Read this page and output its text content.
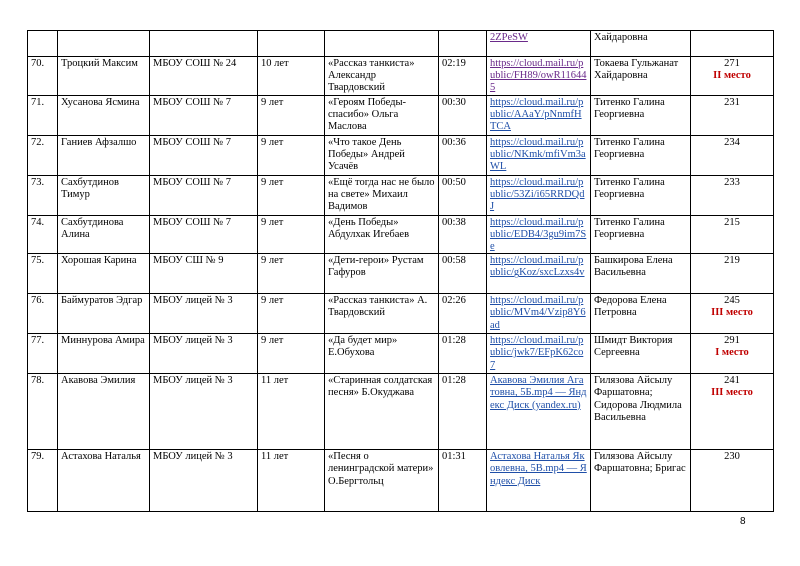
						2ZPeSW	Хайдаровна	
70.	Троцкий Максим	МБОУ СОШ № 24	10 лет	«Рассказ танкиста» Александр Твардовский	02:19	https://cloud.mail.ru/public/FH89/owR116445	Токаева Гульжанат Хайдаровна	271
II место

71.	Хусанова Ясмина	МБОУ СОШ № 7	9 лет	«Героям Победы-спасибо» Ольга Маслова	00:30	https://cloud.mail.ru/public/AAaY/pNnmfHTCA	Титенко Галина Георгиевна	231
72.	Ганиев Афзалшо	МБОУ СОШ № 7	9 лет	«Что такое День Победы» Андрей Усачёв	00:36	https://cloud.mail.ru/public/NKmk/mfiVm3aWL	Титенко Галина Георгиевна	234
73.	Сахбутдинов Тимур	МБОУ СОШ № 7	9 лет	«Ещё тогда нас не было на свете» Михаил Вадимов	00:50	https://cloud.mail.ru/public/53Zi/i65RRDQdJ	Титенко Галина Георгиевна	233
74.	Сахбутдинова Алина	МБОУ СОШ № 7	9 лет	«День Победы» Абдулхак Игебаев	00:38	https://cloud.mail.ru/public/EDB4/3gu9im7Se	Титенко Галина Георгиевна	215
75.	Хорошая Карина	МБОУ СШ № 9	9 лет	«Дети-герои» Рустам Гафуров	00:58	https://cloud.mail.ru/public/gKoz/sxcLzxs4v	Башкирова Елена Васильевна	219
76.	Баймуратов Эдгар	МБОУ лицей № 3	9 лет	«Рассказ танкиста» А. Твардовский	02:26	https://cloud.mail.ru/public/MVm4/Vzip8Y6ad	Федорова Елена Петровна	245
III место

77.	Миннурова Амира	МБОУ лицей № 3	9 лет	«Да будет мир» Е.Обухова	01:28	https://cloud.mail.ru/public/jwk7/EFpK62co7	Шмидт Виктория Сергеевна	291
I место

78.	Акавова Эмилия	МБОУ лицей № 3	11 лет	«Старинная солдатская песня» Б.Окуджава	01:28	Акавова Эмилия Агатовна, 5Б.mp4 — Яндекс Диск (yandex.ru)	Гилязова Айсылу Фаршатовна; Сидорова Людмила Васильевна	241
III место

79.	Астахова Наталья	МБОУ лицей № 3	11 лет	«Песня о ленинградской матери» О.Бергтольц	01:31	Астахова Наталья Яковлевна, 5В.mp4 — Яндекс Диск	Гилязова Айсылу Фаршатовна; Бригас	230
8
